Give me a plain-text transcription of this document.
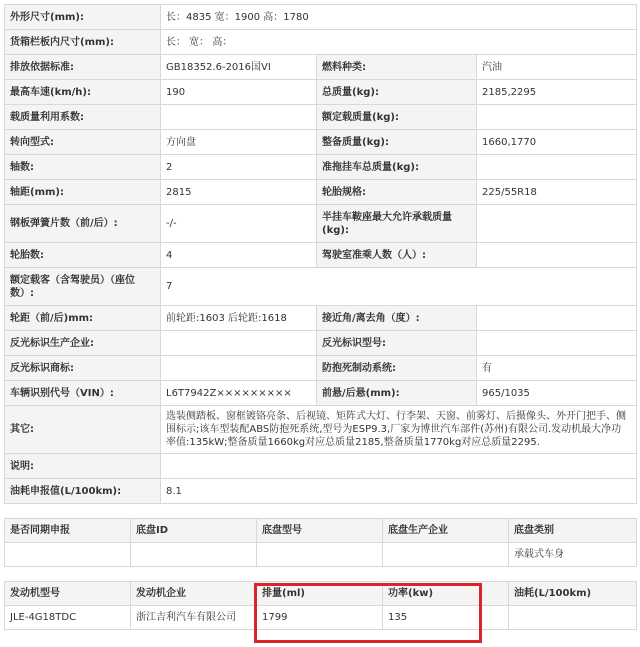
外形尺寸(mm):	长：4835 宽：1900 高：1780		
货箱栏板内尺寸(mm):	长： 宽： 高：		
排放依据标准:	GB18352.6-2016国VI	燃料种类:	汽油
最高车速(km/h):	190	总质量(kg):	2185,2295
载质量利用系数:		额定载质量(kg):	
转向型式:	方向盘	整备质量(kg):	1660,1770
轴数:	2	准拖挂车总质量(kg):	
轴距(mm):	2815	轮胎规格:	225/55R18
钢板弹簧片数（前/后）:	-/-	半挂车鞍座最大允许承载质量(kg):	
轮胎数:	4	驾驶室准乘人数（人）:	
额定载客（含驾驶员）（座位数）:	7		
轮距（前/后)mm:	前轮距:1603 后轮距:1618	接近角/离去角（度）:	
反光标识生产企业:		反光标识型号:	
反光标识商标:		防抱死制动系统:	有
车辆识别代号（VIN）:	L6T7942Z×××××××××	前悬/后悬(mm):	965/1035
其它:	选装侧踏板、窗框镀铬亮条、后视镜、矩阵式大灯、行李架、天窗、前雾灯、后摄像头、外开门把手、侧围标示;该车型装配ABS防抱死系统,型号为ESP9.3,厂家为博世汽车部件(苏州)有限公司.发动机最大净功率值:135kW;整备质量1660kg对应总质量2185,整备质量1770kg对应总质量2295.		
说明:			
油耗申报值(L/100km):	8.1		
是否同期申报	底盘ID	底盘型号	底盘生产企业	底盘类别
				承载式车身
发动机型号	发动机企业	排量(ml)	功率(kw)	油耗(L/100km)
JLE-4G18TDC	浙江吉利汽车有限公司	1799	135	
